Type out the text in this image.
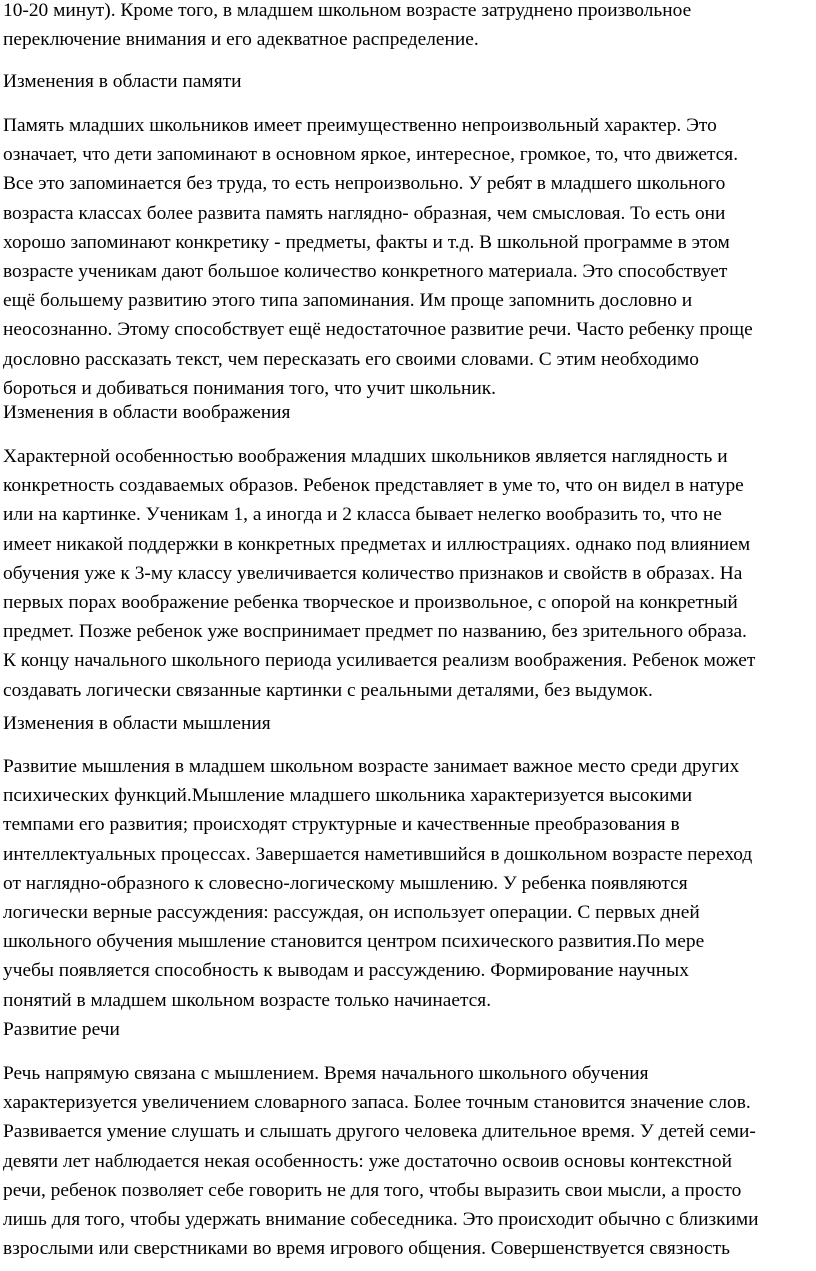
10-20 минут). Кроме того, в младшем школьном возрасте затруднено произвольное
переключение внимания и его адекватное распределение.
Изменения в области памяти
Память младших школьников имеет преимущественно непроизвольный характер. Это
означает, что дети запоминают в основном яркое, интересное, громкое, то, что движется.
Все это запоминается без труда, то есть непроизвольно. У ребят в младшего школьного
возраста классах более развита память наглядно- образная, чем смысловая. То есть они
хорошо запоминают конкретику - предметы, факты и т.д. В школьной программе в этом
возрасте ученикам дают большое количество конкретного материала. Это способствует
ещё большему развитию этого типа запоминания. Им проще запомнить дословно и
неосознанно. Этому способствует ещё недостаточное развитие речи. Часто ребенку проще
дословно рассказать текст, чем пересказать его своими словами. С этим необходимо
бороться и добиваться понимания того, что учит школьник.
Изменения в области воображения
Характерной особенностью воображения младших школьников является наглядность и
конкретность создаваемых образов. Ребенок представляет в уме то, что он видел в натуре
или на картинке. Ученикам 1, а иногда и 2 класса бывает нелегко вообразить то, что не
имеет никакой поддержки в конкретных предметах и иллюстрациях. однако под влиянием
обучения уже к 3-му классу увеличивается количество признаков и свойств в образах. На
первых порах воображение ребенка творческое и произвольное, с опорой на конкретный
предмет. Позже ребенок уже воспринимает предмет по названию, без зрительного образа.
К концу начального школьного периода усиливается реализм воображения. Ребенок может
создавать логически связанные картинки с реальными деталями, без выдумок.
Изменения в области мышления
Развитие мышления в младшем школьном возрасте занимает важное место среди других
психических функций.Мышление младшего школьника характеризуется высокими
темпами его развития; происходят структурные и качественные преобразования в
интеллектуальных процессах. Завершается наметившийся в дошкольном возрасте переход
от наглядно-образного к словесно-логическому мышлению. У ребенка появляются
логически верные рассуждения: рассуждая, он использует операции. С первых дней
школьного обучения мышление становится центром психического развития.По мере
учебы появляется способность к выводам и рассуждению. Формирование научных
понятий в младшем школьном возрасте только начинается.
Развитие речи
Речь напрямую связана с мышлением. Время начального школьного обучения
характеризуется увеличением словарного запаса. Более точным становится значение слов.
Развивается умение слушать и слышать другого человека длительное время. У детей семи-
девяти лет наблюдается некая особенность: уже достаточно освоив основы контекстной
речи, ребенок позволяет себе говорить не для того, чтобы выразить свои мысли, а просто
лишь для того, чтобы удержать внимание собеседника. Это происходит обычно с близкими
взрослыми или сверстниками во время игрового общения. Совершенствуется связность
